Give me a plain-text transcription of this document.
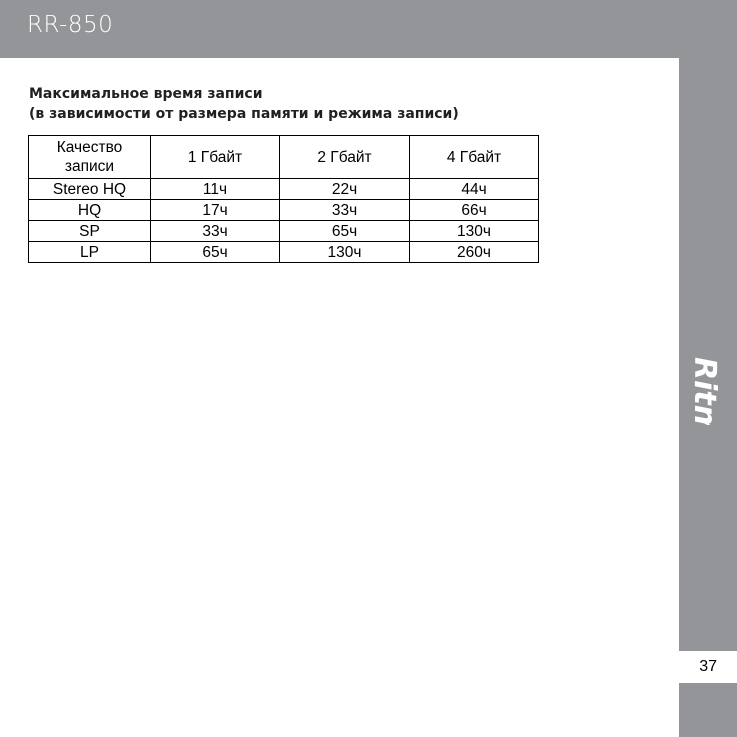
RR-850
Ritmix
37
Максимальное время записи
(в зависимости от размера памяти и режима записи)
Качество записи	1 Гбайт	2 Гбайт	4 Гбайт
Stereo HQ	11ч	22ч	44ч
HQ	17ч	33ч	66ч
SP	33ч	65ч	130ч
LP	65ч	130ч	260ч
